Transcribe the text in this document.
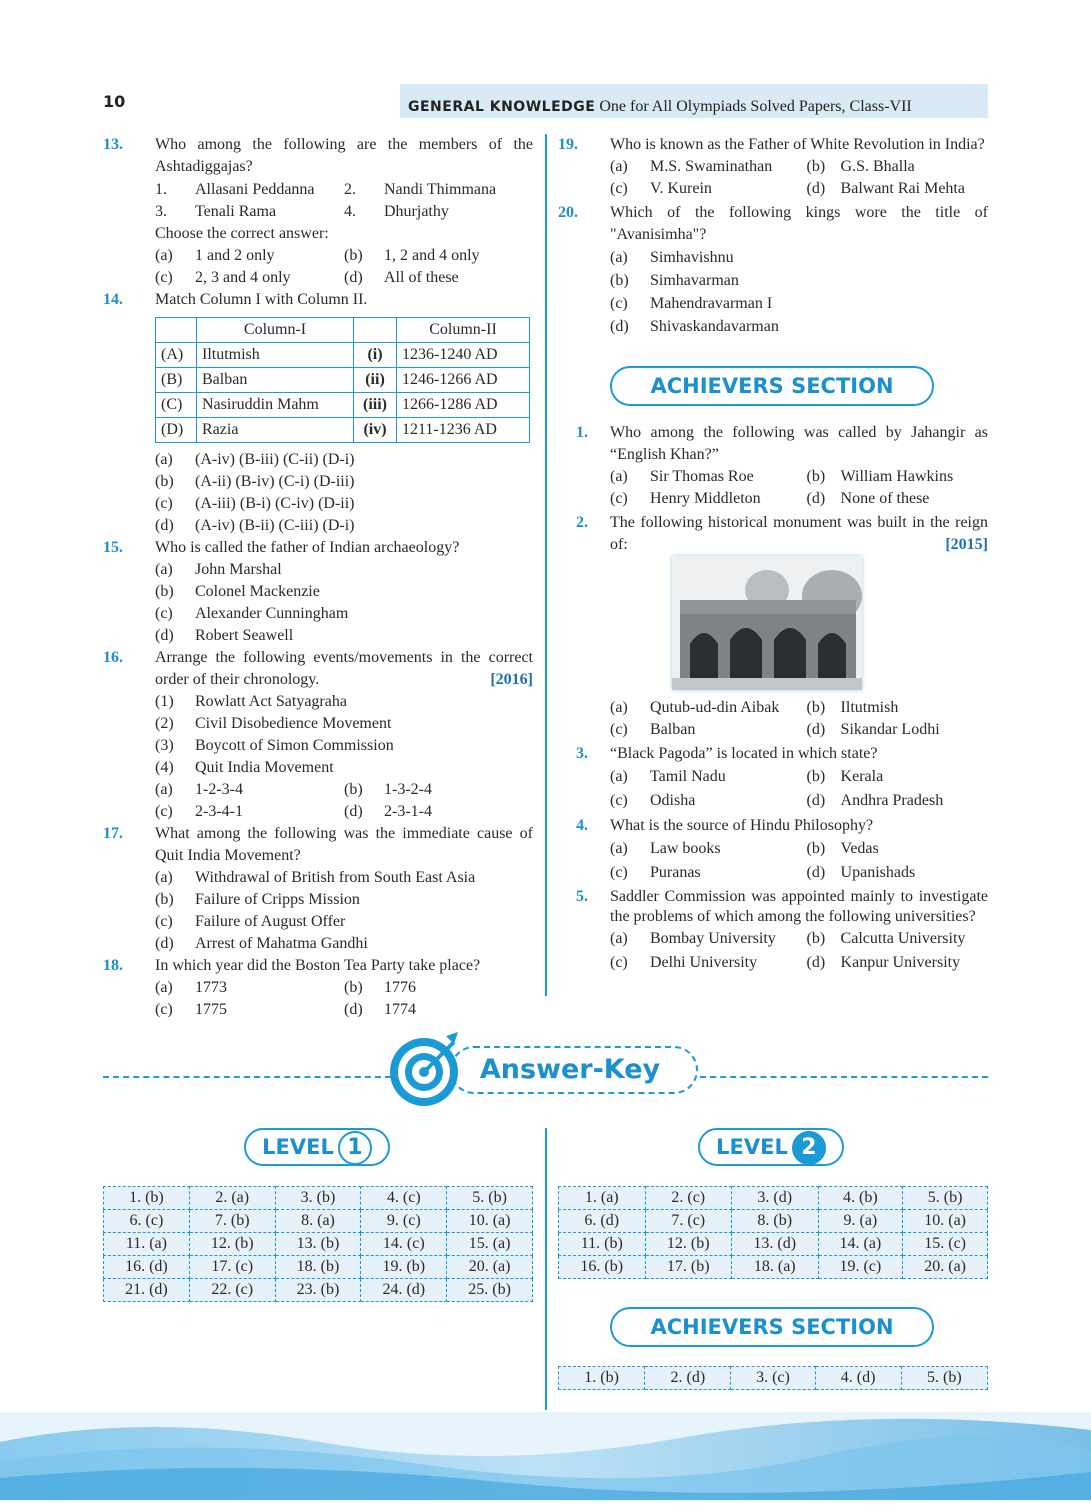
10	GENERAL KNOWLEDGE One for All Olympiads Solved Papers, Class-VII
13. Who among the following are the members of the Ashtadiggajas?
1.	Allasani Peddanna 2.	Nandi Thimmana
3.	Tenali Rama	4.	Dhurjathy
Choose the correct answer:
(a)	1 and 2 only	(b)	1, 2 and 4 only
(c)	2, 3 and 4 only	(d)	All of these
14. Match Column I with Column II.
	Column-I		Column-II
(A)	Iltutmish	(i)	1236-1240 AD
(B)	Balban	(ii)	1246-1266 AD
(C)	Nasiruddin Mahm	(iii)	1266-1286 AD
(D)	Razia	(iv)	1211-1236 AD
(a)	(A-iv) (B-iii) (C-ii) (D-i)
(b)	(A-ii) (B-iv) (C-i) (D-iii)
(c)	(A-iii) (B-i) (C-iv) (D-ii)
(d)	(A-iv) (B-ii) (C-iii) (D-i)
15. Who is called the father of Indian archaeology?
(a)	John Marshal
(b)	Colonel Mackenzie
(c)	Alexander Cunningham
(d)	Robert Seawell
16. Arrange the following events/movements in the correct order of their chronology.	[2016]
(1)	Rowlatt Act Satyagraha
(2)	Civil Disobedience Movement
(3)	Boycott of Simon Commission
(4)	Quit India Movement
(a)	1-2-3-4	(b)	1-3-2-4
(c)	2-3-4-1	(d)	2-3-1-4
17. What among the following was the immediate cause of Quit India Movement?
(a)	Withdrawal of British from South East Asia
(b)	Failure of Cripps Mission
(c)	Failure of August Offer
(d)	Arrest of Mahatma Gandhi
18. In which year did the Boston Tea Party take place?
(a)	1773	(b)	1776
(c)	1775	(d)	1774
19. Who is known as the Father of White Revolution in India?
(a)	M.S. Swaminathan (b) G.S. Bhalla
(c)	V. Kurein	(d) Balwant Rai Mehta
20. Which of the following kings wore the title of "Avanisimha"?
(a)	Simhavishnu
(b)	Simhavarman
(c)	Mahendravarman I
(d)	Shivaskandavarman
ACHIEVERS SECTION
1. Who among the following was called by Jahangir as “English Khan?”
(a)	Sir Thomas Roe	(b) William Hawkins
(c)	Henry Middleton	(d) None of these
2. The following historical monument was built in the reign of:	[2015]
(a)	Qutub-ud-din Aibak (b) Iltutmish
(c)	Balban	(d) Sikandar Lodhi
3. “Black Pagoda” is located in which state?
(a)	Tamil Nadu	(b) Kerala
(c)	Odisha	(d) Andhra Pradesh
4. What is the source of Hindu Philosophy?
(a)	Law books	(b) Vedas
(c)	Puranas	(d) Upanishads
5. Saddler Commission was appointed mainly to investigate the problems of which among the following universities?
(a)	Bombay University (b) Calcutta University
(c)	Delhi University	(d) Kanpur University
Answer-Key
LEVEL 1	LEVEL 2
1. (b)	2. (a)	3. (b)	4. (c)	5. (b)
6. (c)	7. (b)	8. (a)	9. (c)	10. (a)
11. (a)	12. (b)	13. (b)	14. (c)	15. (a)
16. (d)	17. (c)	18. (b)	19. (b)	20. (a)
21. (d)	22. (c)	23. (b)	24. (d)	25. (b)
1. (a)	2. (c)	3. (d)	4. (b)	5. (b)
6. (d)	7. (c)	8. (b)	9. (a)	10. (a)
11. (b)	12. (b)	13. (d)	14. (a)	15. (c)
16. (b)	17. (b)	18. (a)	19. (c)	20. (a)
ACHIEVERS SECTION
1. (b)	2. (d)	3. (c)	4. (d)	5. (b)
